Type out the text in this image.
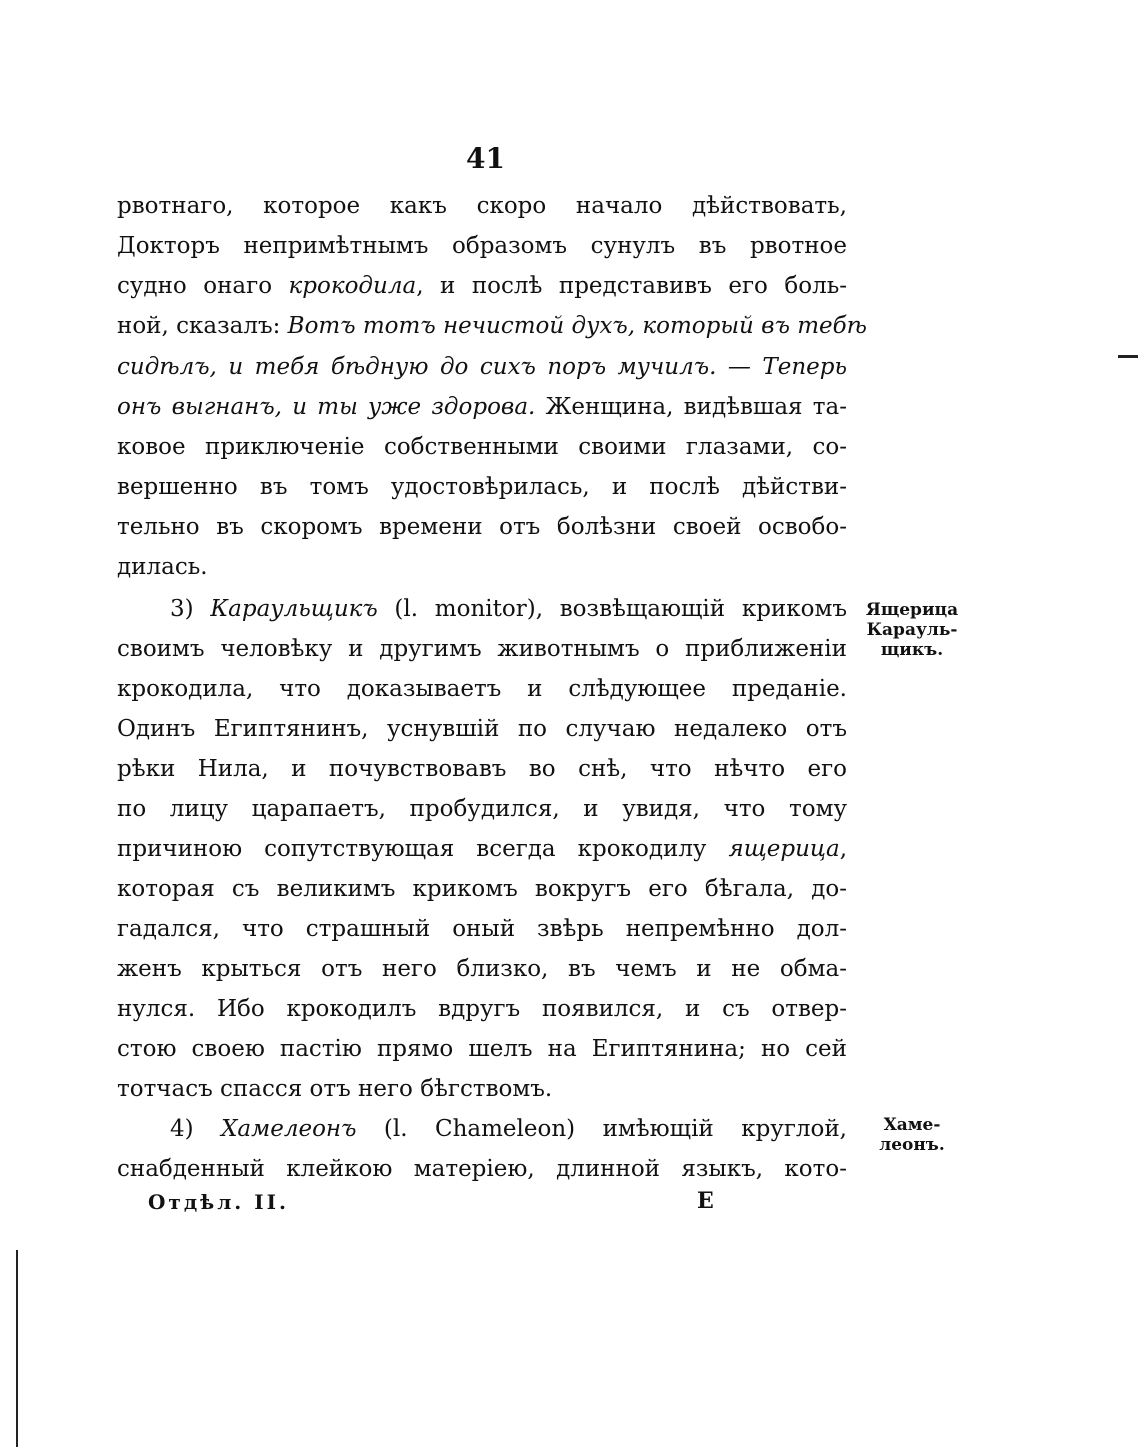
41
рвотнаго, которое какъ скоро начало дѣйствовать,
Докторъ непримѣтнымъ образомъ сунулъ въ рвотное
судно онаго крокодила, и послѣ представивъ его боль-
ной, сказалъ: Вотъ тотъ нечистой духъ, который въ тебѣ
сидѣлъ, и тебя бѣдную до сихъ поръ мучилъ. — Теперь
онъ выгнанъ, и ты уже здорова. Женщина, видѣвшая та-
ковое приключеніе собственными своими глазами, со-
вершенно въ томъ удостовѣрилась, и послѣ дѣйстви-
тельно въ скоромъ времени отъ болѣзни своей освобо-
дилась.
3) Караульщикъ (l. monitor), возвѣщающій крикомъ
своимъ человѣку и другимъ животнымъ о приближеніи
крокодила, что доказываетъ и слѣдующее преданіе.
Одинъ Египтянинъ, уснувшій по случаю недалеко отъ
рѣки Нила, и почувствовавъ во снѣ, что нѣчто его
по лицу царапаетъ, пробудился, и увидя, что тому
причиною сопутствующая всегда крокодилу ящерица,
которая съ великимъ крикомъ вокругъ его бѣгала, до-
гадался, что страшный оный звѣрь непремѣнно дол-
женъ крыться отъ него близко, въ чемъ и не обма-
нулся. Ибо крокодилъ вдругъ появился, и съ отвер-
стою своею пастію прямо шелъ на Египтянина; но сей
тотчасъ спасся отъ него бѣгствомъ.
4) Хамелеонъ (l. Chameleon) имѣющій круглой,
снабденный клейкою матеріею, длинной языкъ, кото-
Ящерица Карауль-щикъ.
Хаме-леонъ.
Отдѣл. II.	Е
